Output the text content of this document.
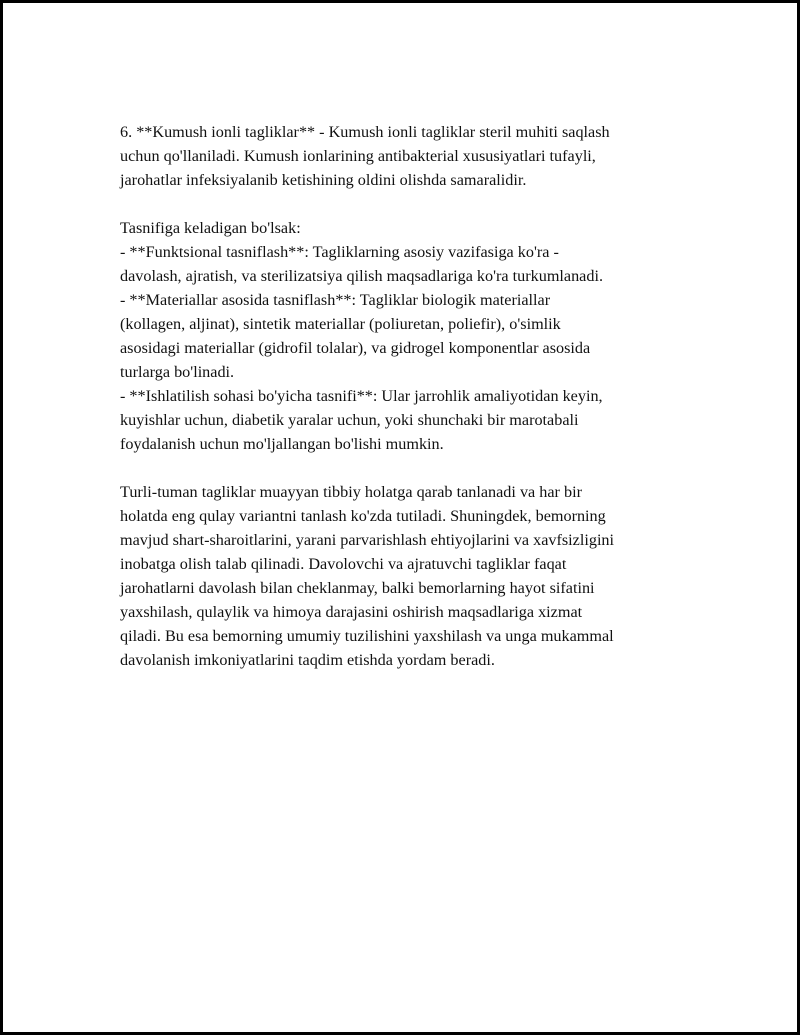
6. **Kumush ionli tagliklar** - Kumush ionli tagliklar steril muhiti saqlash
uchun qo'llaniladi. Kumush ionlarining antibakterial xususiyatlari tufayli,
jarohatlar infeksiyalanib ketishining oldini olishda samaralidir.

Tasnifiga keladigan bo'lsak:
- **Funktsional tasniflash**: Tagliklarning asosiy vazifasiga ko'ra -
davolash, ajratish, va sterilizatsiya qilish maqsadlariga ko'ra turkumlanadi.
- **Materiallar asosida tasniflash**: Tagliklar biologik materiallar
(kollagen, aljinat), sintetik materiallar (poliuretan, poliefir), o'simlik
asosidagi materiallar (gidrofil tolalar), va gidrogel komponentlar asosida
turlarga bo'linadi.
- **Ishlatilish sohasi bo'yicha tasnifi**: Ular jarrohlik amaliyotidan keyin,
kuyishlar uchun, diabetik yaralar uchun, yoki shunchaki bir marotabali
foydalanish uchun mo'ljallangan bo'lishi mumkin.

Turli-tuman tagliklar muayyan tibbiy holatga qarab tanlanadi va har bir
holatda eng qulay variantni tanlash ko'zda tutiladi. Shuningdek, bemorning
mavjud shart-sharoitlarini, yarani parvarishlash ehtiyojlarini va xavfsizligini
inobatga olish talab qilinadi. Davolovchi va ajratuvchi tagliklar faqat
jarohatlarni davolash bilan cheklanmay, balki bemorlarning hayot sifatini
yaxshilash, qulaylik va himoya darajasini oshirish maqsadlariga xizmat
qiladi. Bu esa bemorning umumiy tuzilishini yaxshilash va unga mukammal
davolanish imkoniyatlarini taqdim etishda yordam beradi.
